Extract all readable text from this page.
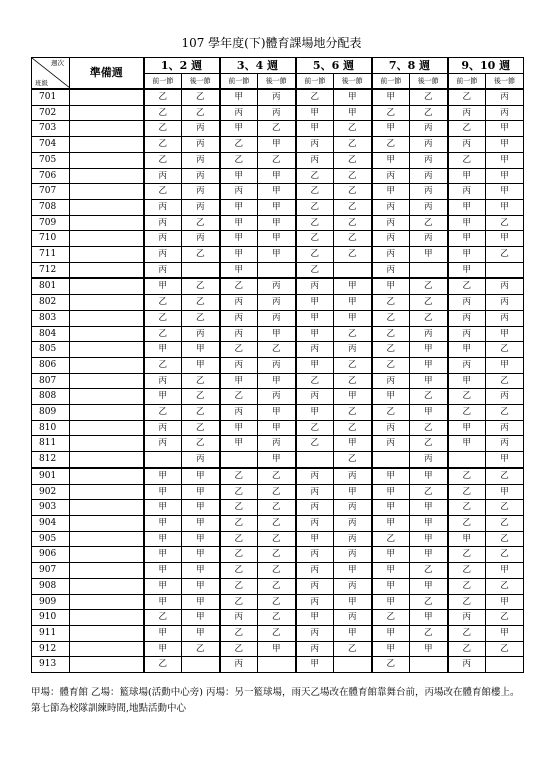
107 學年度(下)體育課場地分配表
週次
班級	準備週	1、2 週		3、4 週		5、6 週		7、8 週		9、10 週	
		前一節	後一節	前一節	後一節	前一節	後一節	前一節	後一節	前一節	後一節
701		乙	乙	甲	丙	乙	甲	甲	乙	乙	丙
702		乙	乙	丙	丙	甲	甲	乙	乙	丙	丙
703		乙	丙	甲	乙	甲	乙	甲	丙	乙	甲
704		乙	丙	乙	甲	丙	乙	乙	丙	丙	甲
705		乙	丙	乙	乙	丙	乙	甲	丙	乙	甲
706		丙	丙	甲	甲	乙	乙	丙	丙	甲	甲
707		乙	丙	丙	甲	乙	乙	甲	丙	丙	甲
708		丙	丙	甲	甲	乙	乙	丙	丙	甲	甲
709		丙	乙	甲	甲	乙	乙	丙	乙	甲	乙
710		丙	丙	甲	甲	乙	乙	丙	丙	甲	甲
711		丙	乙	甲	甲	乙	乙	丙	甲	甲	乙
712		丙		甲		乙		丙		甲	
801		甲	乙	乙	丙	丙	甲	甲	乙	乙	丙
802		乙	乙	丙	丙	甲	甲	乙	乙	丙	丙
803		乙	乙	丙	丙	甲	甲	乙	乙	丙	丙
804		乙	丙	丙	甲	甲	乙	乙	丙	丙	甲
805		甲	甲	乙	乙	丙	丙	乙	甲	甲	乙
806		乙	甲	丙	丙	甲	乙	乙	甲	丙	甲
807		丙	乙	甲	甲	乙	乙	丙	甲	甲	乙
808		甲	乙	乙	丙	丙	甲	甲	乙	乙	丙
809		乙	乙	丙	甲	甲	乙	乙	甲	乙	乙
810		丙	乙	甲	甲	乙	乙	丙	乙	甲	丙
811		丙	乙	甲	丙	乙	甲	丙	乙	甲	丙
812			丙		甲		乙		丙		甲
901		甲	甲	乙	乙	丙	丙	甲	甲	乙	乙
902		甲	甲	乙	乙	丙	甲	甲	乙	乙	甲
903		甲	甲	乙	乙	丙	丙	甲	甲	乙	乙
904		甲	甲	乙	乙	丙	丙	甲	甲	乙	乙
905		甲	甲	乙	乙	甲	丙	乙	甲	甲	乙
906		甲	甲	乙	乙	丙	丙	甲	甲	乙	乙
907		甲	甲	乙	乙	丙	甲	甲	乙	乙	甲
908		甲	甲	乙	乙	丙	丙	甲	甲	乙	乙
909		甲	甲	乙	乙	丙	甲	甲	乙	乙	甲
910		乙	甲	丙	乙	甲	丙	乙	甲	丙	乙
911		甲	甲	乙	乙	丙	甲	甲	乙	乙	甲
912		甲	乙	乙	甲	丙	乙	甲	甲	乙	乙
913		乙		丙		甲		乙		丙	

甲場：體育館 乙場：籃球場(活動中心旁) 丙場：另一籃球場，雨天乙場改在體育館靠舞台前，丙場改在體育館樓上。

第七節為校隊訓練時間,地點活動中心
